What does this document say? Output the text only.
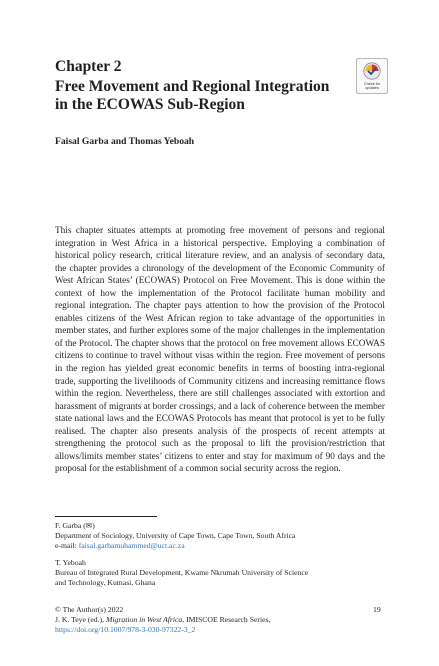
Chapter 2
Free Movement and Regional Integration
in the ECOWAS Sub-Region
Check for
updates
Faisal Garba and Thomas Yeboah

This chapter situates attempts at promoting free movement of persons and regional integration in West Africa in a historical perspective. Employing a combination of historical policy research, critical literature review, and an analysis of secondary data, the chapter provides a chronology of the development of the Economic Community of West African States’ (ECOWAS) Protocol on Free Movement. This is done within the context of how the implementation of the Protocol facilitate human mobility and regional integration. The chapter pays attention to how the provision of the Protocol enables citizens of the West African region to take advantage of the opportunities in member states, and further explores some of the major challenges in the implementation of the Protocol. The chapter shows that the protocol on free movement allows ECOWAS citizens to continue to travel without visas within the region. Free movement of persons in the region has yielded great economic benefits in terms of boosting intra-regional trade, supporting the livelihoods of Community citizens and increasing remittance flows within the region. Nevertheless, there are still challenges associated with extortion and harassment of migrants at border crossings, and a lack of coherence between the member state national laws and the ECOWAS Protocols has meant that protocol is yet to be fully realised. The chapter also presents analysis of the prospects of recent attempts at strengthening the protocol such as the proposal to lift the provision/restriction that allows/limits member states’ citizens to enter and stay for maximum of 90 days and the proposal for the establishment of a common social security across the region.

F. Garba (✉)
Department of Sociology, University of Cape Town, Cape Town, South Africa
e-mail: faisal.garbamuhammed@uct.ac.za
T. Yeboah
Bureau of Integrated Rural Development, Kwame Nkrumah University of Science
and Technology, Kumasi, Ghana
© The Author(s) 2022
J. K. Teye (ed.), Migration in West Africa, IMISCOE Research Series,
https://doi.org/10.1007/978-3-030-97322-3_2
19
